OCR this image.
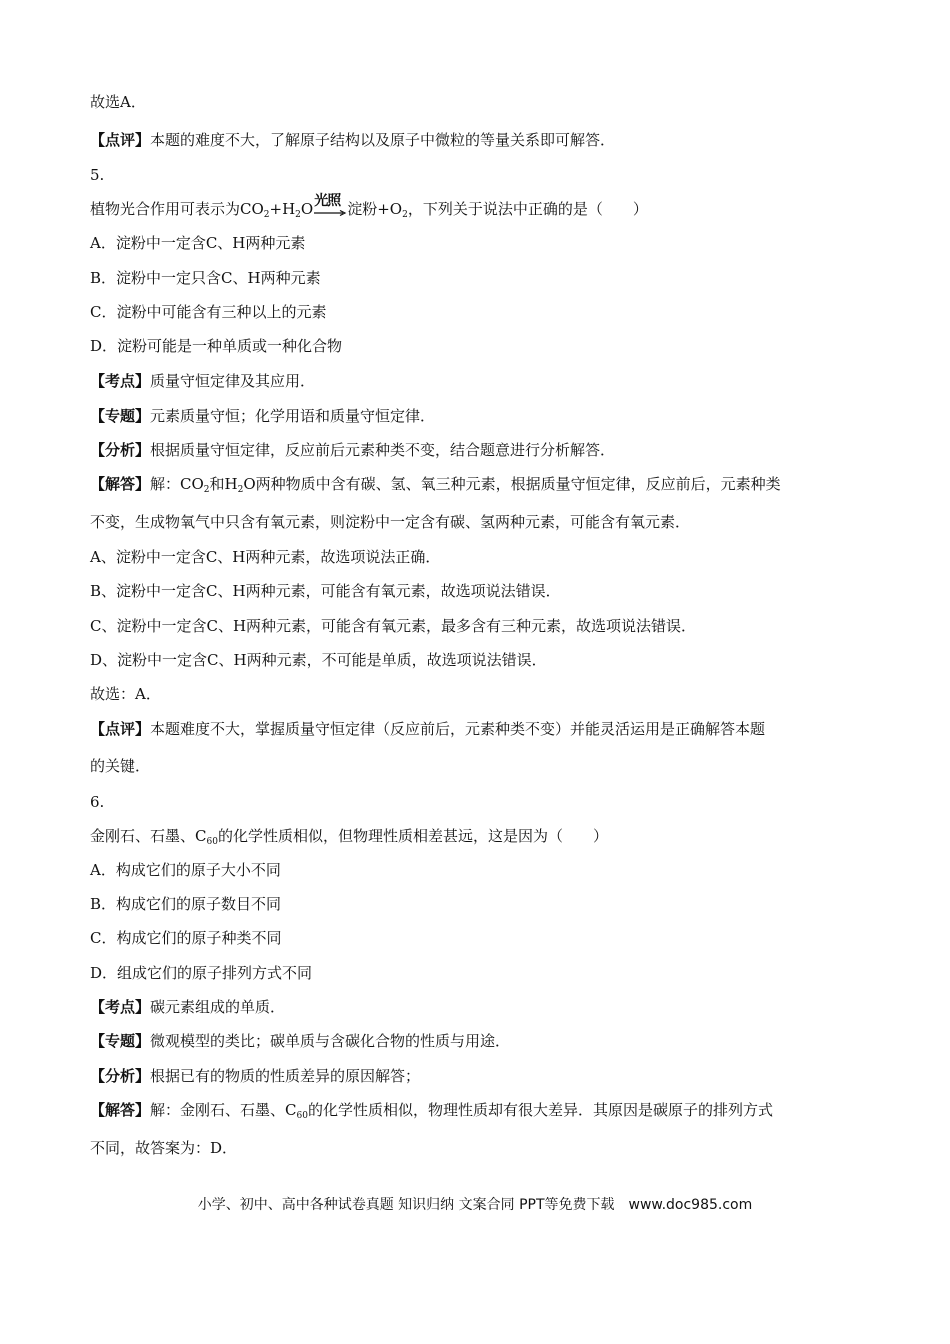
故选A．
【点评】本题的难度不大，了解原子结构以及原子中微粒的等量关系即可解答．
5.
植物光合作用可表示为$CO_2+H_2O$ 光照 淀粉$+O_2$，下列关于说法中正确的是（　　）
A．淀粉中一定含C、H两种元素
B．淀粉中一定只含C、H两种元素
C．淀粉中可能含有三种以上的元素
D．淀粉可能是一种单质或一种化合物
【考点】质量守恒定律及其应用．
【专题】元素质量守恒；化学用语和质量守恒定律．
【分析】根据质量守恒定律，反应前后元素种类不变，结合题意进行分析解答．
【解答】解：$CO_2$和$H_2O$两种物质中含有碳、氢、氧三种元素，根据质量守恒定律，反应前后，元素种类
不变，生成物氧气中只含有氧元素，则淀粉中一定含有碳、氢两种元素，可能含有氧元素．
A、淀粉中一定含C、H两种元素，故选项说法正确．
B、淀粉中一定含C、H两种元素，可能含有氧元素，故选项说法错误．
C、淀粉中一定含C、H两种元素，可能含有氧元素，最多含有三种元素，故选项说法错误．
D、淀粉中一定含C、H两种元素，不可能是单质，故选项说法错误．
故选：A．
【点评】本题难度不大，掌握质量守恒定律（反应前后，元素种类不变）并能灵活运用是正确解答本题
的关键．
6.
金刚石、石墨、$C_{60}$的化学性质相似，但物理性质相差甚远，这是因为（　　）
A．构成它们的原子大小不同
B．构成它们的原子数目不同
C．构成它们的原子种类不同
D．组成它们的原子排列方式不同
【考点】碳元素组成的单质．
【专题】微观模型的类比；碳单质与含碳化合物的性质与用途．
【分析】根据已有的物质的性质差异的原因解答；
【解答】解：金刚石、石墨、$C_{60}$的化学性质相似，物理性质却有很大差异．其原因是碳原子的排列方式
不同，故答案为：D．
小学、初中、高中各种试卷真题 知识归纳 文案合同 PPT等免费下载　www.doc985.com
